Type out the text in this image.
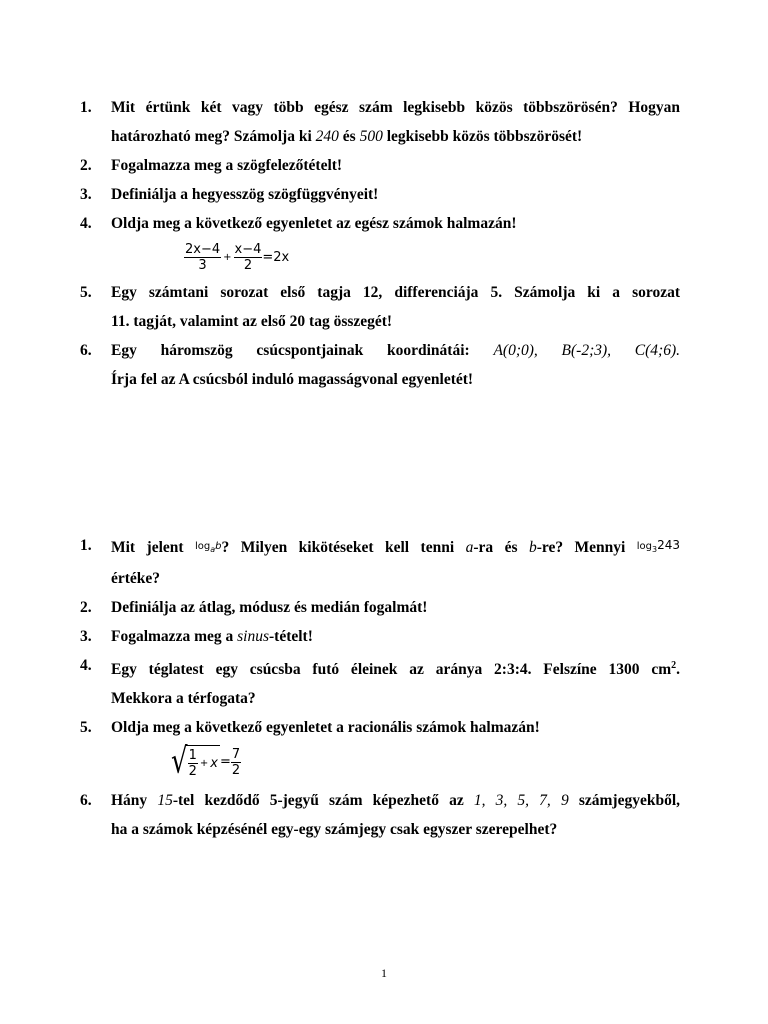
1. Mit értünk két vagy több egész szám legkisebb közös többszörösén? Hogyan
határozható meg? Számolja ki 240 és 500 legkisebb közös többszörösét!
2. Fogalmazza meg a szögfelezőtételt!
3. Definiálja a hegyesszög szögfüggvényeit!
4. Oldja meg a következő egyenletet az egész számok halmazán!
$\frac{2x-4}{3} + \frac{x-4}{2} =2x$
5. Egy számtani sorozat első tagja 12, differenciája 5. Számolja ki a sorozat
11. tagját, valamint az első 20 tag összegét!
6. Egy háromszög csúcspontjainak koordinátái: A(0;0), B(-2;3), C(4;6).
Írja fel az A csúcsból induló magasságvonal egyenletét!
1. Mit jelent $\log_ab$? Milyen kikötéseket kell tenni a-ra és b-re? Mennyi $\log_3243$
értéke?
2. Definiálja az átlag, módusz és medián fogalmát!
3. Fogalmazza meg a sinus-tételt!
4. Egy téglatest egy csúcsba futó éleinek az aránya 2:3:4. Felszíne 1300 $cm^2$.
Mekkora a térfogata?
5. Oldja meg a következő egyenletet a racionális számok halmazán!
√ $\frac{1}{2} + x = \frac{7}{2}$
6. Hány 15-tel kezdődő 5-jegyű szám képezhető az 1, 3, 5, 7, 9 számjegyekből,
ha a számok képzésénél egy-egy számjegy csak egyszer szerepelhet?
1
